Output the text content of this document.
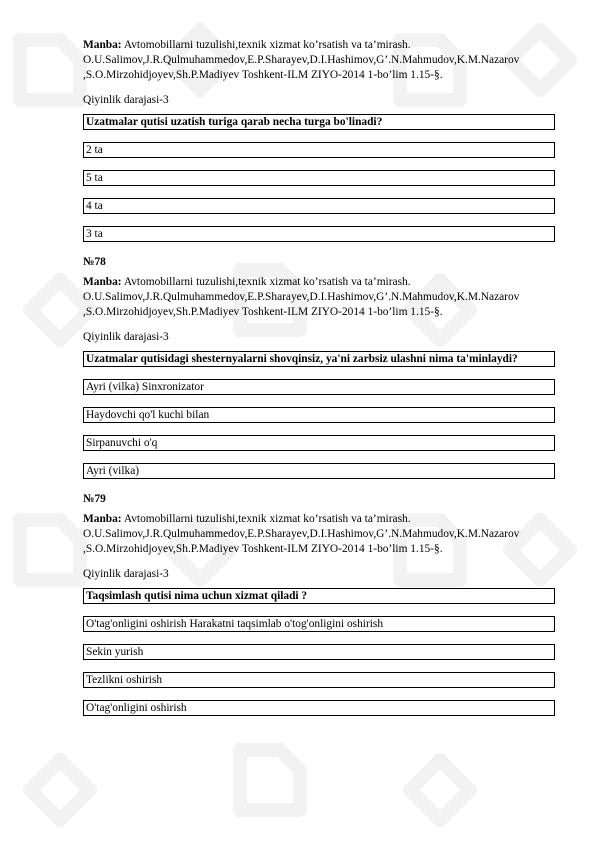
Manba: Avtomobillarni tuzulishi,texnik xizmat ko’rsatish va ta’mirash.

O.U.Salimov,J.R.Qulmuhammedov,E.P.Sharayev,D.I.Hashimov,G’.N.Mahmudov,K.M.Nazarov

,S.O.Mirzohidjoyev,Sh.P.Madiyev Toshkent-ILM ZIYO-2014 1-bo’lim 1.15-§.

Qiyinlik darajasi-3
Uzatmalar qutisi uzatish turiga qarab necha turga bo'linadi?
2 ta
5 ta
4 ta
3 ta
№78

Manba: Avtomobillarni tuzulishi,texnik xizmat ko’rsatish va ta’mirash.

O.U.Salimov,J.R.Qulmuhammedov,E.P.Sharayev,D.I.Hashimov,G’.N.Mahmudov,K.M.Nazarov

,S.O.Mirzohidjoyev,Sh.P.Madiyev Toshkent-ILM ZIYO-2014 1-bo’lim 1.15-§.

Qiyinlik darajasi-3
Uzatmalar qutisidagi shesternyalarni shovqinsiz, ya'ni zarbsiz ulashni nima ta'minlaydi?
Ayri (vilka) Sinxronizator
Haydovchi qo'l kuchi bilan
Sirpanuvchi o'q
Ayri (vilka)
№79

Manba: Avtomobillarni tuzulishi,texnik xizmat ko’rsatish va ta’mirash.

O.U.Salimov,J.R.Qulmuhammedov,E.P.Sharayev,D.I.Hashimov,G’.N.Mahmudov,K.M.Nazarov

,S.O.Mirzohidjoyev,Sh.P.Madiyev Toshkent-ILM ZIYO-2014 1-bo’lim 1.15-§.

Qiyinlik darajasi-3
Taqsimlash qutisi nima uchun xizmat qiladi ?
O'tag'onligini oshirish Harakatni taqsimlab o'tog'onligini oshirish
Sekin yurish
Tezlikni oshirish
O'tag'onligini oshirish
